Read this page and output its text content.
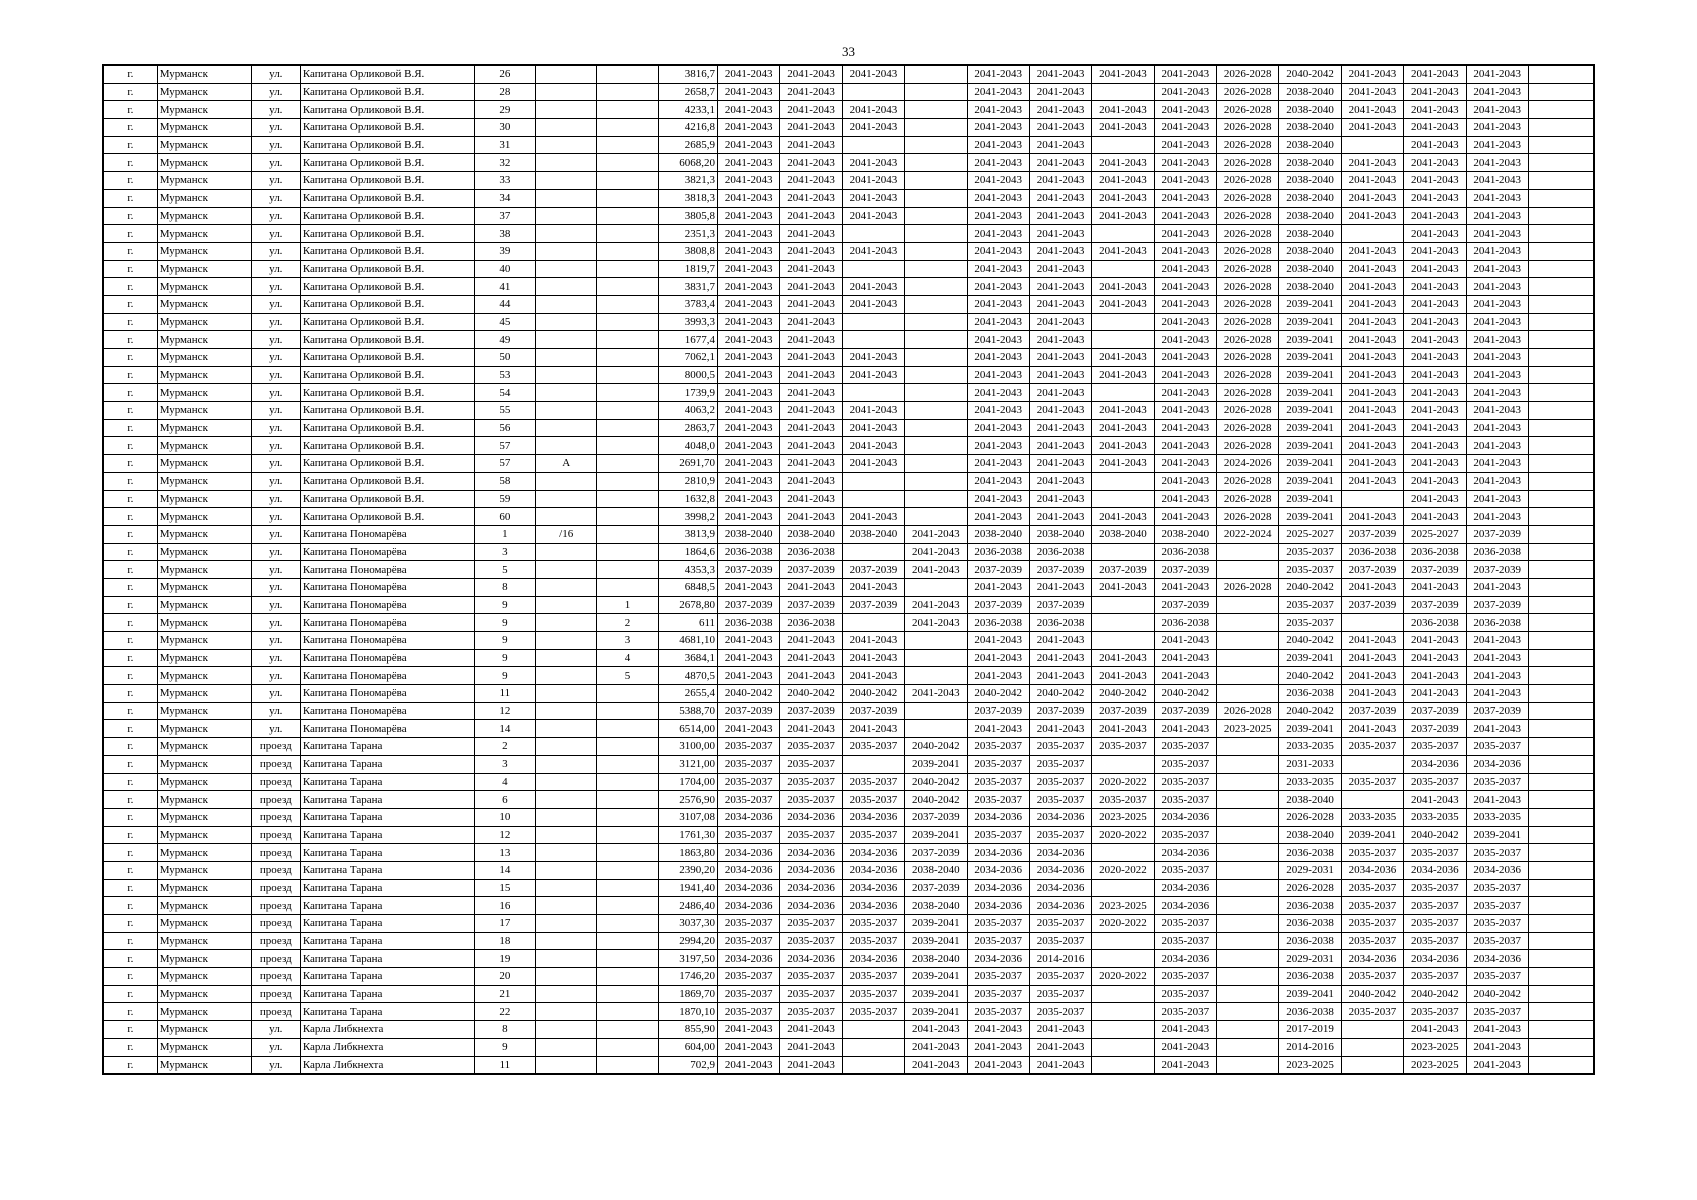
33
г.	Мурманск	ул.	Капитана Орликовой В.Я.	26			3816,7	2041-2043	2041-2043	2041-2043		2041-2043	2041-2043	2041-2043	2041-2043	2026-2028	2040-2042	2041-2043	2041-2043	2041-2043	
г.	Мурманск	ул.	Капитана Орликовой В.Я.	28			2658,7	2041-2043	2041-2043			2041-2043	2041-2043		2041-2043	2026-2028	2038-2040	2041-2043	2041-2043	2041-2043	
г.	Мурманск	ул.	Капитана Орликовой В.Я.	29			4233,1	2041-2043	2041-2043	2041-2043		2041-2043	2041-2043	2041-2043	2041-2043	2026-2028	2038-2040	2041-2043	2041-2043	2041-2043	
г.	Мурманск	ул.	Капитана Орликовой В.Я.	30			4216,8	2041-2043	2041-2043	2041-2043		2041-2043	2041-2043	2041-2043	2041-2043	2026-2028	2038-2040	2041-2043	2041-2043	2041-2043	
г.	Мурманск	ул.	Капитана Орликовой В.Я.	31			2685,9	2041-2043	2041-2043			2041-2043	2041-2043		2041-2043	2026-2028	2038-2040		2041-2043	2041-2043	
г.	Мурманск	ул.	Капитана Орликовой В.Я.	32			6068,20	2041-2043	2041-2043	2041-2043		2041-2043	2041-2043	2041-2043	2041-2043	2026-2028	2038-2040	2041-2043	2041-2043	2041-2043	
г.	Мурманск	ул.	Капитана Орликовой В.Я.	33			3821,3	2041-2043	2041-2043	2041-2043		2041-2043	2041-2043	2041-2043	2041-2043	2026-2028	2038-2040	2041-2043	2041-2043	2041-2043	
г.	Мурманск	ул.	Капитана Орликовой В.Я.	34			3818,3	2041-2043	2041-2043	2041-2043		2041-2043	2041-2043	2041-2043	2041-2043	2026-2028	2038-2040	2041-2043	2041-2043	2041-2043	
г.	Мурманск	ул.	Капитана Орликовой В.Я.	37			3805,8	2041-2043	2041-2043	2041-2043		2041-2043	2041-2043	2041-2043	2041-2043	2026-2028	2038-2040	2041-2043	2041-2043	2041-2043	
г.	Мурманск	ул.	Капитана Орликовой В.Я.	38			2351,3	2041-2043	2041-2043			2041-2043	2041-2043		2041-2043	2026-2028	2038-2040		2041-2043	2041-2043	
г.	Мурманск	ул.	Капитана Орликовой В.Я.	39			3808,8	2041-2043	2041-2043	2041-2043		2041-2043	2041-2043	2041-2043	2041-2043	2026-2028	2038-2040	2041-2043	2041-2043	2041-2043	
г.	Мурманск	ул.	Капитана Орликовой В.Я.	40			1819,7	2041-2043	2041-2043			2041-2043	2041-2043		2041-2043	2026-2028	2038-2040	2041-2043	2041-2043	2041-2043	
г.	Мурманск	ул.	Капитана Орликовой В.Я.	41			3831,7	2041-2043	2041-2043	2041-2043		2041-2043	2041-2043	2041-2043	2041-2043	2026-2028	2038-2040	2041-2043	2041-2043	2041-2043	
г.	Мурманск	ул.	Капитана Орликовой В.Я.	44			3783,4	2041-2043	2041-2043	2041-2043		2041-2043	2041-2043	2041-2043	2041-2043	2026-2028	2039-2041	2041-2043	2041-2043	2041-2043	
г.	Мурманск	ул.	Капитана Орликовой В.Я.	45			3993,3	2041-2043	2041-2043			2041-2043	2041-2043		2041-2043	2026-2028	2039-2041	2041-2043	2041-2043	2041-2043	
г.	Мурманск	ул.	Капитана Орликовой В.Я.	49			1677,4	2041-2043	2041-2043			2041-2043	2041-2043		2041-2043	2026-2028	2039-2041	2041-2043	2041-2043	2041-2043	
г.	Мурманск	ул.	Капитана Орликовой В.Я.	50			7062,1	2041-2043	2041-2043	2041-2043		2041-2043	2041-2043	2041-2043	2041-2043	2026-2028	2039-2041	2041-2043	2041-2043	2041-2043	
г.	Мурманск	ул.	Капитана Орликовой В.Я.	53			8000,5	2041-2043	2041-2043	2041-2043		2041-2043	2041-2043	2041-2043	2041-2043	2026-2028	2039-2041	2041-2043	2041-2043	2041-2043	
г.	Мурманск	ул.	Капитана Орликовой В.Я.	54			1739,9	2041-2043	2041-2043			2041-2043	2041-2043		2041-2043	2026-2028	2039-2041	2041-2043	2041-2043	2041-2043	
г.	Мурманск	ул.	Капитана Орликовой В.Я.	55			4063,2	2041-2043	2041-2043	2041-2043		2041-2043	2041-2043	2041-2043	2041-2043	2026-2028	2039-2041	2041-2043	2041-2043	2041-2043	
г.	Мурманск	ул.	Капитана Орликовой В.Я.	56			2863,7	2041-2043	2041-2043	2041-2043		2041-2043	2041-2043	2041-2043	2041-2043	2026-2028	2039-2041	2041-2043	2041-2043	2041-2043	
г.	Мурманск	ул.	Капитана Орликовой В.Я.	57			4048,0	2041-2043	2041-2043	2041-2043		2041-2043	2041-2043	2041-2043	2041-2043	2026-2028	2039-2041	2041-2043	2041-2043	2041-2043	
г.	Мурманск	ул.	Капитана Орликовой В.Я.	57	А		2691,70	2041-2043	2041-2043	2041-2043		2041-2043	2041-2043	2041-2043	2041-2043	2024-2026	2039-2041	2041-2043	2041-2043	2041-2043	
г.	Мурманск	ул.	Капитана Орликовой В.Я.	58			2810,9	2041-2043	2041-2043			2041-2043	2041-2043		2041-2043	2026-2028	2039-2041	2041-2043	2041-2043	2041-2043	
г.	Мурманск	ул.	Капитана Орликовой В.Я.	59			1632,8	2041-2043	2041-2043			2041-2043	2041-2043		2041-2043	2026-2028	2039-2041		2041-2043	2041-2043	
г.	Мурманск	ул.	Капитана Орликовой В.Я.	60			3998,2	2041-2043	2041-2043	2041-2043		2041-2043	2041-2043	2041-2043	2041-2043	2026-2028	2039-2041	2041-2043	2041-2043	2041-2043	
г.	Мурманск	ул.	Капитана Пономарёва	1	/16		3813,9	2038-2040	2038-2040	2038-2040	2041-2043	2038-2040	2038-2040	2038-2040	2038-2040	2022-2024	2025-2027	2037-2039	2025-2027	2037-2039	
г.	Мурманск	ул.	Капитана Пономарёва	3			1864,6	2036-2038	2036-2038		2041-2043	2036-2038	2036-2038		2036-2038		2035-2037	2036-2038	2036-2038	2036-2038	
г.	Мурманск	ул.	Капитана Пономарёва	5			4353,3	2037-2039	2037-2039	2037-2039	2041-2043	2037-2039	2037-2039	2037-2039	2037-2039		2035-2037	2037-2039	2037-2039	2037-2039	
г.	Мурманск	ул.	Капитана Пономарёва	8			6848,5	2041-2043	2041-2043	2041-2043		2041-2043	2041-2043	2041-2043	2041-2043	2026-2028	2040-2042	2041-2043	2041-2043	2041-2043	
г.	Мурманск	ул.	Капитана Пономарёва	9		1	2678,80	2037-2039	2037-2039	2037-2039	2041-2043	2037-2039	2037-2039		2037-2039		2035-2037	2037-2039	2037-2039	2037-2039	
г.	Мурманск	ул.	Капитана Пономарёва	9		2	611	2036-2038	2036-2038		2041-2043	2036-2038	2036-2038		2036-2038		2035-2037		2036-2038	2036-2038	
г.	Мурманск	ул.	Капитана Пономарёва	9		3	4681,10	2041-2043	2041-2043	2041-2043		2041-2043	2041-2043		2041-2043		2040-2042	2041-2043	2041-2043	2041-2043	
г.	Мурманск	ул.	Капитана Пономарёва	9		4	3684,1	2041-2043	2041-2043	2041-2043		2041-2043	2041-2043	2041-2043	2041-2043		2039-2041	2041-2043	2041-2043	2041-2043	
г.	Мурманск	ул.	Капитана Пономарёва	9		5	4870,5	2041-2043	2041-2043	2041-2043		2041-2043	2041-2043	2041-2043	2041-2043		2040-2042	2041-2043	2041-2043	2041-2043	
г.	Мурманск	ул.	Капитана Пономарёва	11			2655,4	2040-2042	2040-2042	2040-2042	2041-2043	2040-2042	2040-2042	2040-2042	2040-2042		2036-2038	2041-2043	2041-2043	2041-2043	
г.	Мурманск	ул.	Капитана Пономарёва	12			5388,70	2037-2039	2037-2039	2037-2039		2037-2039	2037-2039	2037-2039	2037-2039	2026-2028	2040-2042	2037-2039	2037-2039	2037-2039	
г.	Мурманск	ул.	Капитана Пономарёва	14			6514,00	2041-2043	2041-2043	2041-2043		2041-2043	2041-2043	2041-2043	2041-2043	2023-2025	2039-2041	2041-2043	2037-2039	2041-2043	
г.	Мурманск	проезд	Капитана Тарана	2			3100,00	2035-2037	2035-2037	2035-2037	2040-2042	2035-2037	2035-2037	2035-2037	2035-2037		2033-2035	2035-2037	2035-2037	2035-2037	
г.	Мурманск	проезд	Капитана Тарана	3			3121,00	2035-2037	2035-2037		2039-2041	2035-2037	2035-2037		2035-2037		2031-2033		2034-2036	2034-2036	
г.	Мурманск	проезд	Капитана Тарана	4			1704,00	2035-2037	2035-2037	2035-2037	2040-2042	2035-2037	2035-2037	2020-2022	2035-2037		2033-2035	2035-2037	2035-2037	2035-2037	
г.	Мурманск	проезд	Капитана Тарана	6			2576,90	2035-2037	2035-2037	2035-2037	2040-2042	2035-2037	2035-2037	2035-2037	2035-2037		2038-2040		2041-2043	2041-2043	
г.	Мурманск	проезд	Капитана Тарана	10			3107,08	2034-2036	2034-2036	2034-2036	2037-2039	2034-2036	2034-2036	2023-2025	2034-2036		2026-2028	2033-2035	2033-2035	2033-2035	
г.	Мурманск	проезд	Капитана Тарана	12			1761,30	2035-2037	2035-2037	2035-2037	2039-2041	2035-2037	2035-2037	2020-2022	2035-2037		2038-2040	2039-2041	2040-2042	2039-2041	
г.	Мурманск	проезд	Капитана Тарана	13			1863,80	2034-2036	2034-2036	2034-2036	2037-2039	2034-2036	2034-2036		2034-2036		2036-2038	2035-2037	2035-2037	2035-2037	
г.	Мурманск	проезд	Капитана Тарана	14			2390,20	2034-2036	2034-2036	2034-2036	2038-2040	2034-2036	2034-2036	2020-2022	2035-2037		2029-2031	2034-2036	2034-2036	2034-2036	
г.	Мурманск	проезд	Капитана Тарана	15			1941,40	2034-2036	2034-2036	2034-2036	2037-2039	2034-2036	2034-2036		2034-2036		2026-2028	2035-2037	2035-2037	2035-2037	
г.	Мурманск	проезд	Капитана Тарана	16			2486,40	2034-2036	2034-2036	2034-2036	2038-2040	2034-2036	2034-2036	2023-2025	2034-2036		2036-2038	2035-2037	2035-2037	2035-2037	
г.	Мурманск	проезд	Капитана Тарана	17			3037,30	2035-2037	2035-2037	2035-2037	2039-2041	2035-2037	2035-2037	2020-2022	2035-2037		2036-2038	2035-2037	2035-2037	2035-2037	
г.	Мурманск	проезд	Капитана Тарана	18			2994,20	2035-2037	2035-2037	2035-2037	2039-2041	2035-2037	2035-2037		2035-2037		2036-2038	2035-2037	2035-2037	2035-2037	
г.	Мурманск	проезд	Капитана Тарана	19			3197,50	2034-2036	2034-2036	2034-2036	2038-2040	2034-2036	2014-2016		2034-2036		2029-2031	2034-2036	2034-2036	2034-2036	
г.	Мурманск	проезд	Капитана Тарана	20			1746,20	2035-2037	2035-2037	2035-2037	2039-2041	2035-2037	2035-2037	2020-2022	2035-2037		2036-2038	2035-2037	2035-2037	2035-2037	
г.	Мурманск	проезд	Капитана Тарана	21			1869,70	2035-2037	2035-2037	2035-2037	2039-2041	2035-2037	2035-2037		2035-2037		2039-2041	2040-2042	2040-2042	2040-2042	
г.	Мурманск	проезд	Капитана Тарана	22			1870,10	2035-2037	2035-2037	2035-2037	2039-2041	2035-2037	2035-2037		2035-2037		2036-2038	2035-2037	2035-2037	2035-2037	
г.	Мурманск	ул.	Карла Либкнехта	8			855,90	2041-2043	2041-2043		2041-2043	2041-2043	2041-2043		2041-2043		2017-2019		2041-2043	2041-2043	
г.	Мурманск	ул.	Карла Либкнехта	9			604,00	2041-2043	2041-2043		2041-2043	2041-2043	2041-2043		2041-2043		2014-2016		2023-2025	2041-2043	
г.	Мурманск	ул.	Карла Либкнехта	11			702,9	2041-2043	2041-2043		2041-2043	2041-2043	2041-2043		2041-2043		2023-2025		2023-2025	2041-2043	
